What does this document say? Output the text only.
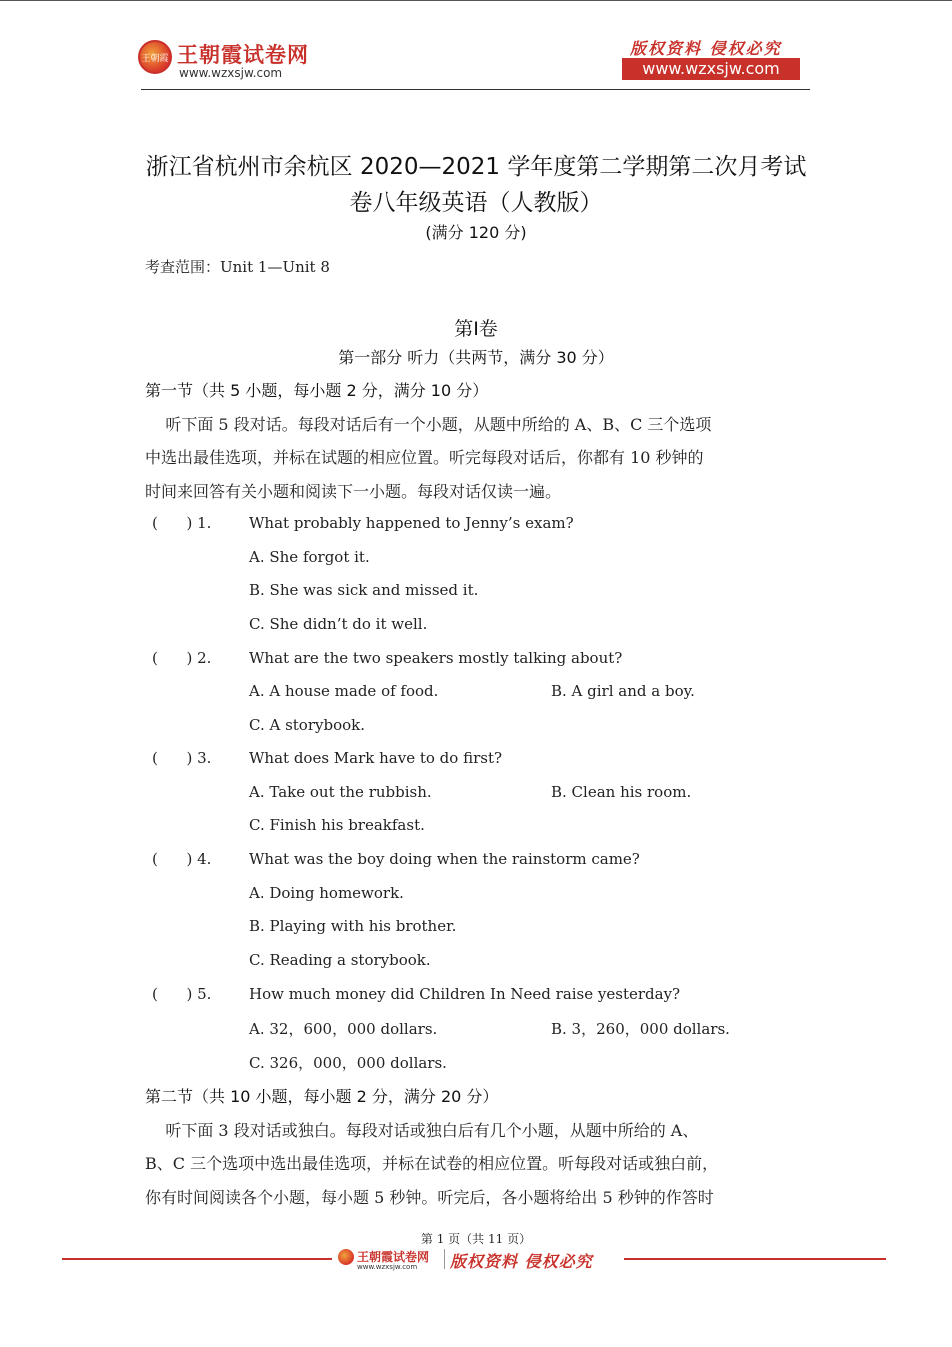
王朝霞 王朝霞试卷网
www.wzxsjw.com
版权资料 侵权必究
www.wzxsjw.com
浙江省杭州市余杭区 2020—2021 学年度第二学期第二次月考试
卷八年级英语（人教版）
(满分 120 分)
考查范围：Unit 1—Unit 8
第Ⅰ卷
第一部分 听力（共两节，满分 30 分）
第一节（共 5 小题，每小题 2 分，满分 10 分）
听下面 5 段对话。每段对话后有一个小题，从题中所给的 A、B、C 三个选项
中选出最佳选项，并标在试题的相应位置。听完每段对话后，你都有 10 秒钟的
时间来回答有关小题和阅读下一小题。每段对话仅读一遍。
(      ) 1.	What probably happened to Jenny’s exam?
A. She forgot it.
B. She was sick and missed it.
C. She didn’t do it well.
(      ) 2.	What are the two speakers mostly talking about?
A. A house made of food.	B. A girl and a boy.
C. A storybook.
(      ) 3.	What does Mark have to do first?
A. Take out the rubbish.	B. Clean his room.
C. Finish his breakfast.
(      ) 4.	What was the boy doing when the rainstorm came?
A. Doing homework.
B. Playing with his brother.
C. Reading a storybook.
(      ) 5.	How much money did Children In Need raise yesterday?
A. 32，600，000 dollars.	B. 3，260，000 dollars.
C. 326，000，000 dollars.
第二节（共 10 小题，每小题 2 分，满分 20 分）
听下面 3 段对话或独白。每段对话或独白后有几个小题，从题中所给的 A、
B、C 三个选项中选出最佳选项，并标在试卷的相应位置。听每段对话或独白前，
你有时间阅读各个小题，每小题 5 秒钟。听完后，各小题将给出 5 秒钟的作答时
第 1 页（共 11 页）
王朝霞试卷网
www.wzxsjw.com 版权资料 侵权必究
